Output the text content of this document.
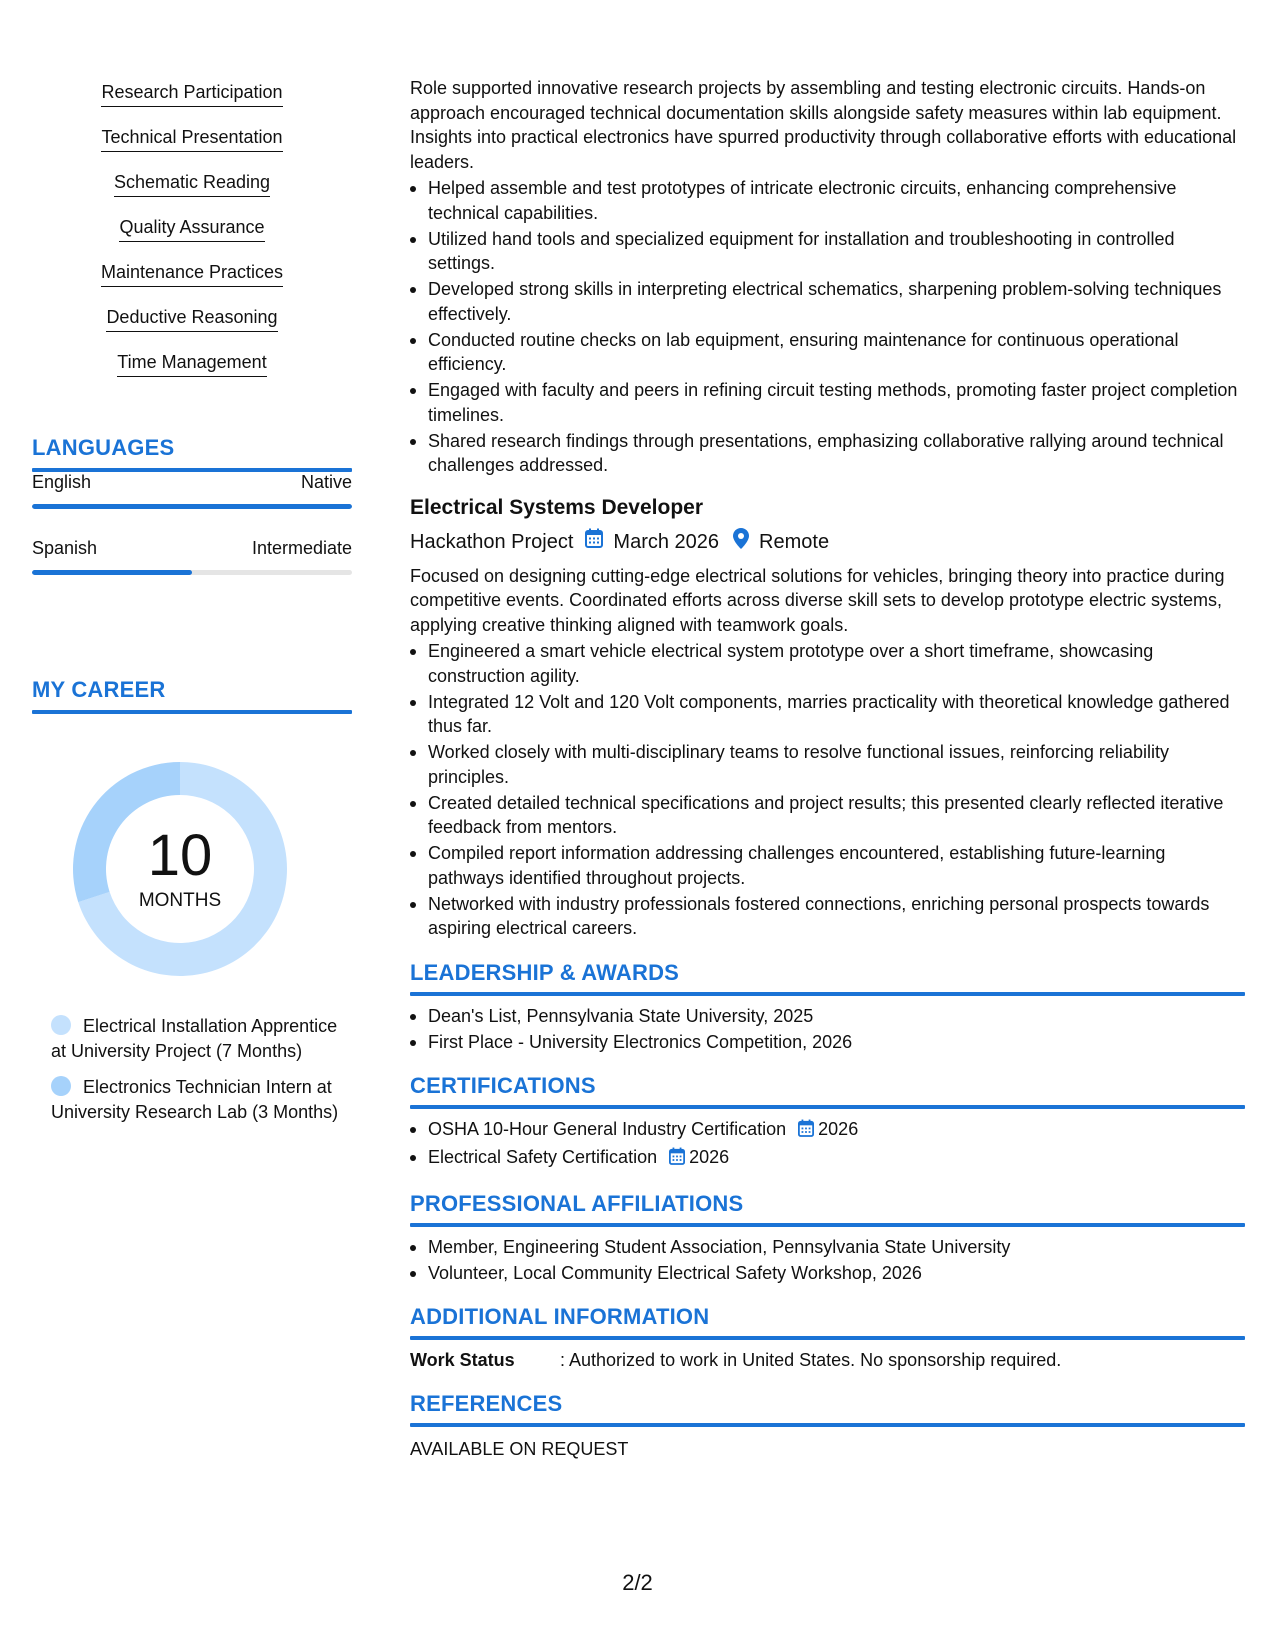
Research Participation
Technical Presentation
Schematic Reading
Quality Assurance
Maintenance Practices
Deductive Reasoning
Time Management
LANGUAGES
English	Native
Spanish	Intermediate
MY CAREER
10
MONTHS
Electrical Installation Apprentice at University Project (7 Months)
Electronics Technician Intern at University Research Lab (3 Months)

Role supported innovative research projects by assembling and testing electronic circuits. Hands-on approach encouraged technical documentation skills alongside safety measures within lab equipment. Insights into practical electronics have spurred productivity through collaborative efforts with educational leaders.

Helped assemble and test prototypes of intricate electronic circuits, enhancing comprehensive technical capabilities.
Utilized hand tools and specialized equipment for installation and troubleshooting in controlled settings.
Developed strong skills in interpreting electrical schematics, sharpening problem-solving techniques effectively.
Conducted routine checks on lab equipment, ensuring maintenance for continuous operational efficiency.
Engaged with faculty and peers in refining circuit testing methods, promoting faster project completion timelines.
Shared research findings through presentations, emphasizing collaborative rallying around technical challenges addressed.
Electrical Systems Developer
Hackathon Project March 2026 Remote

Focused on designing cutting-edge electrical solutions for vehicles, bringing theory into practice during competitive events. Coordinated efforts across diverse skill sets to develop prototype electric systems, applying creative thinking aligned with teamwork goals.

Engineered a smart vehicle electrical system prototype over a short timeframe, showcasing construction agility.
Integrated 12 Volt and 120 Volt components, marries practicality with theoretical knowledge gathered thus far.
Worked closely with multi-disciplinary teams to resolve functional issues, reinforcing reliability principles.
Created detailed technical specifications and project results; this presented clearly reflected iterative feedback from mentors.
Compiled report information addressing challenges encountered, establishing future-learning pathways identified throughout projects.
Networked with industry professionals fostered connections, enriching personal prospects towards aspiring electrical careers.
LEADERSHIP & AWARDS
Dean's List, Pennsylvania State University, 2025
First Place - University Electronics Competition, 2026
CERTIFICATIONS
OSHA 10-Hour General Industry Certification 2026
Electrical Safety Certification 2026
PROFESSIONAL AFFILIATIONS
Member, Engineering Student Association, Pennsylvania State University
Volunteer, Local Community Electrical Safety Workshop, 2026
ADDITIONAL INFORMATION
Work Status	: Authorized to work in United States. No sponsorship required.
REFERENCES
AVAILABLE ON REQUEST
2/2
